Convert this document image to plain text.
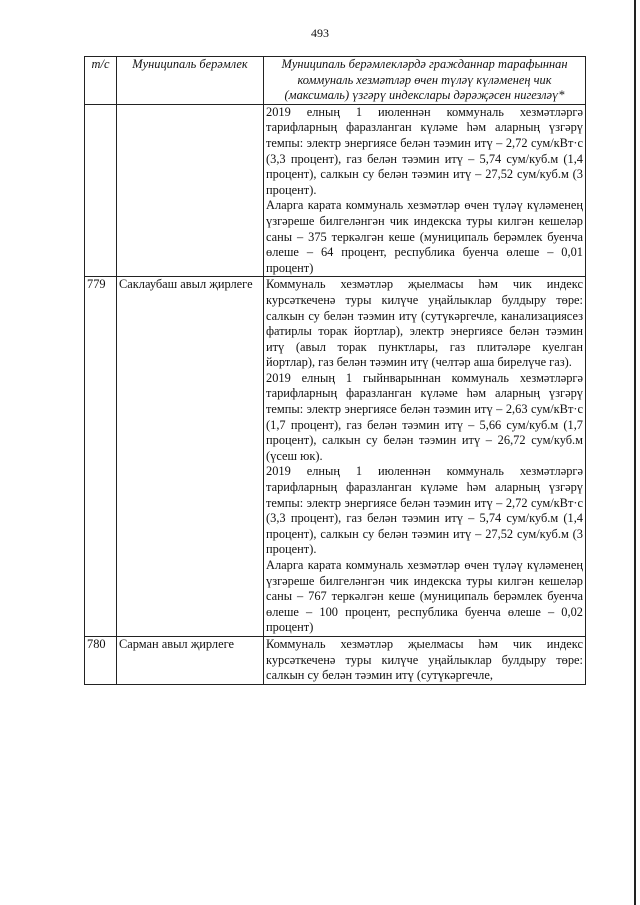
493
т/с	Муниципаль берәмлек	Муниципаль берәмлекләрдә гражданнар тарафыннан коммуналь хезмәтләр өчен түләү күләменең чик (максималь) үзгәрү индекслары дәрәҗәсен нигезләү*

		2019 елның 1 июленнән коммуналь хезмәтләргә тарифларның фаразланган күләме һәм аларның үзгәрү темпы: электр энергиясе белән тәэмин итү – 2,72 сум/кВт·с (3,3 процент), газ белән тәэмин итү – 5,74 сум/куб.м (1,4 процент), салкын су белән тәэмин итү – 27,52 сум/куб.м (3 процент).

Аларга карата коммуналь хезмәтләр өчен түләү күләменең үзгәреше билгеләнгән чик индекска туры килгән кешеләр саны – 375 теркәлгән кеше (муниципаль берәмлек буенча өлеше – 64 процент, республика буенча өлеше – 0,01 процент)

779	Саклаубаш авыл җирлеге	Коммуналь хезмәтләр җыелмасы һәм чик индекс курсәткеченә туры килүче уңайлыклар булдыру төре: салкын су белән тәэмин итү (сутүкәргечле, канализациясез фатирлы торак йортлар), электр энергиясе белән тәэмин итү (авыл торак пунктлары, газ плитәләре куелган йортлар), газ белән тәэмин итү (челтәр аша бирелүче газ).

2019 елның 1 гыйнварыннан коммуналь хезмәтләргә тарифларның фаразланган күләме һәм аларның үзгәрү темпы: электр энергиясе белән тәэмин итү – 2,63 сум/кВт·с (1,7 процент), газ белән тәэмин итү – 5,66 сум/куб.м (1,7 процент), салкын су белән тәэмин итү – 26,72 сум/куб.м (үсеш юк).

2019 елның 1 июленнән коммуналь хезмәтләргә тарифларның фаразланган күләме һәм аларның үзгәрү темпы: электр энергиясе белән тәэмин итү – 2,72 сум/кВт·с (3,3 процент), газ белән тәэмин итү – 5,74 сум/куб.м (1,4 процент), салкын су белән тәэмин итү – 27,52 сум/куб.м (3 процент).

Аларга карата коммуналь хезмәтләр өчен түләү күләменең үзгәреше билгеләнгән чик индекска туры килгән кешеләр саны – 767 теркәлгән кеше (муниципаль берәмлек буенча өлеше – 100 процент, республика буенча өлеше – 0,02 процент)

780	Сарман авыл җирлеге	Коммуналь хезмәтләр җыелмасы һәм чик индекс курсәткеченә туры килүче уңайлыклар булдыру төре: салкын су белән тәэмин итү (сутүкәргечле,
